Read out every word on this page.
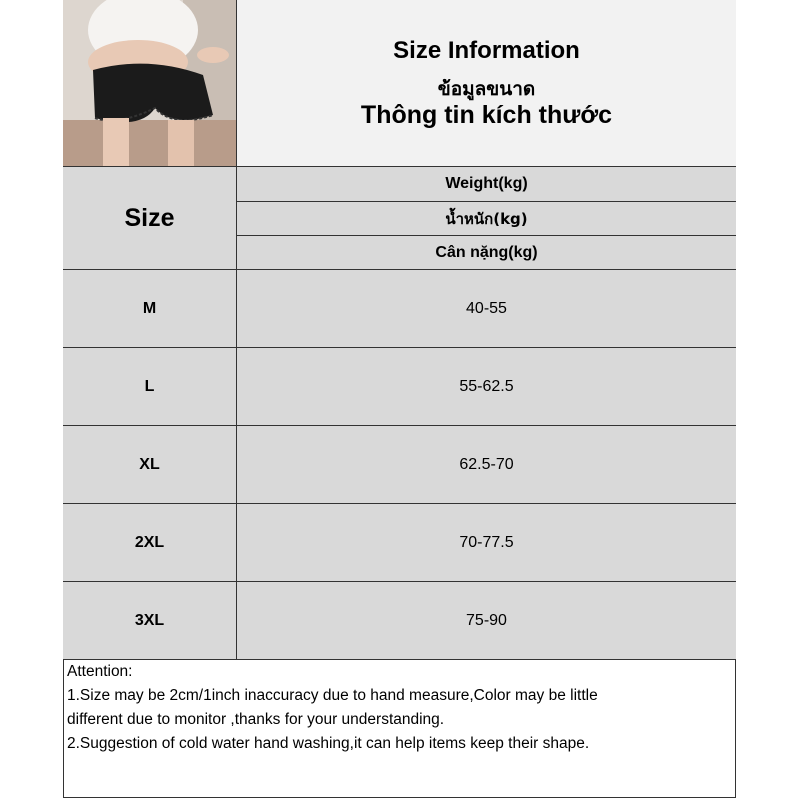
Size Information
ข้อมูลขนาด
Thông tin kích thước
Size
Weight(kg)
น้ำหนัก(kg)
Cân nặng(kg)
M	40-55
L	55-62.5
XL	62.5-70
2XL	70-77.5
3XL	75-90
Attention:
1.Size may be 2cm/1inch inaccuracy due to hand measure,Color may be little
different due to monitor ,thanks for your understanding.
2.Suggestion of cold water hand washing,it can help items keep their shape.
